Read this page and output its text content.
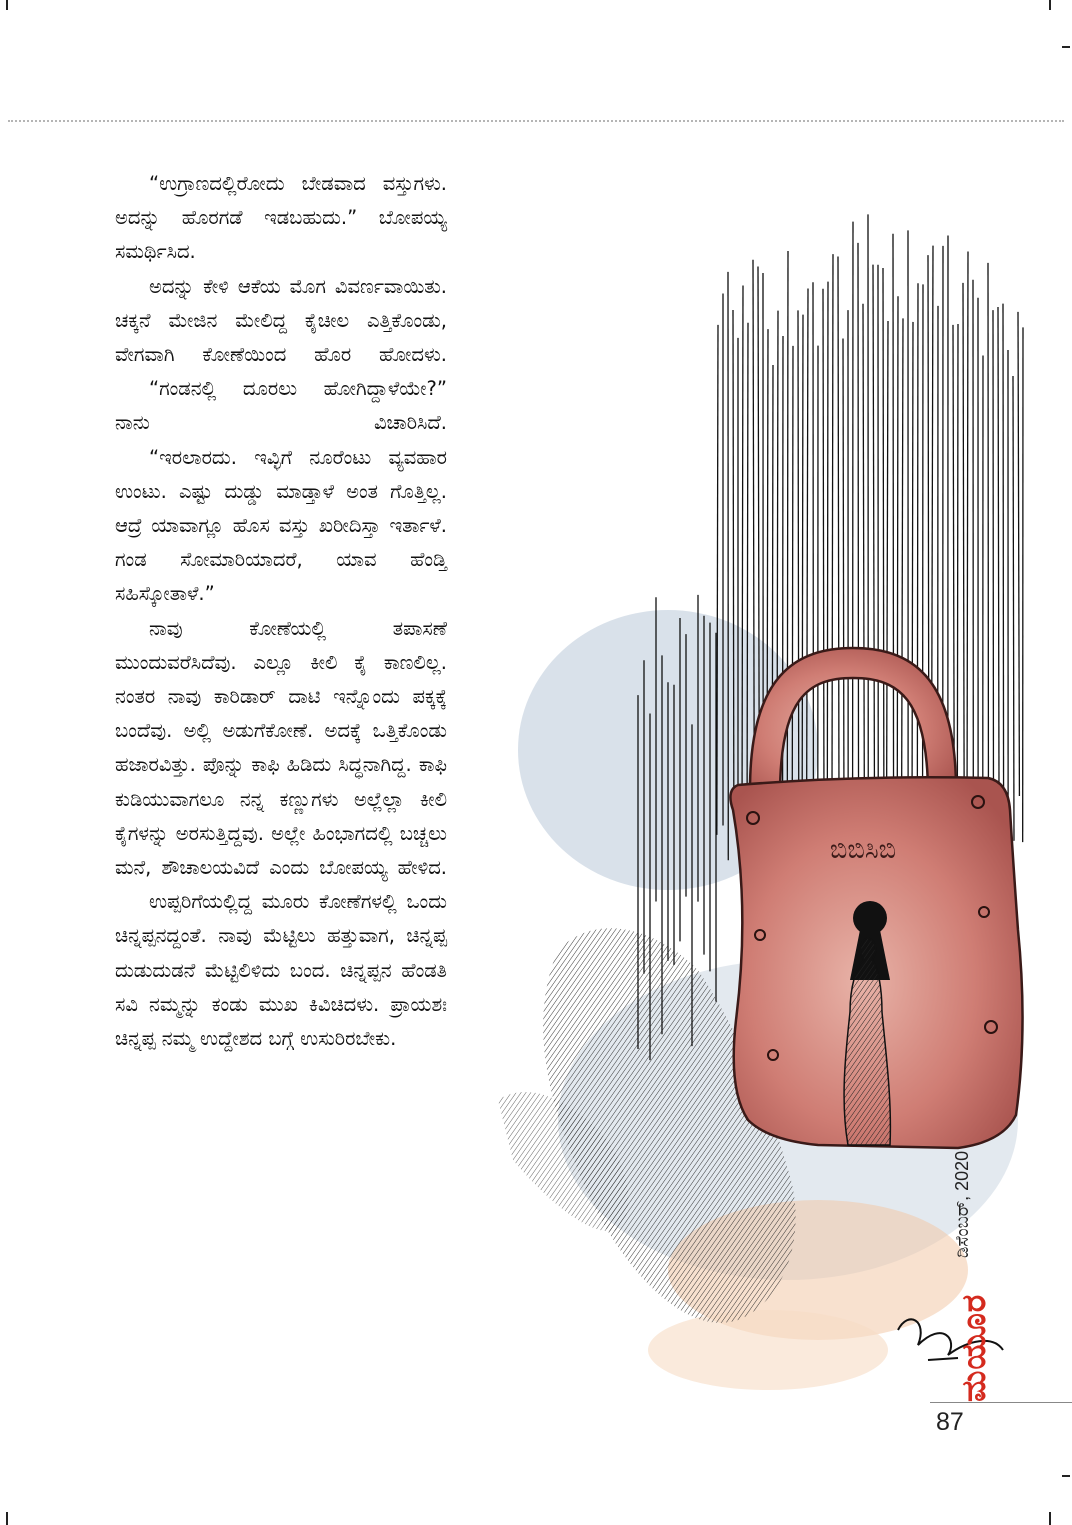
“ಉಗ್ರಾಣದಲ್ಲಿರೋದು ಬೇಡವಾದ ವಸ್ತುಗಳು. ಅದನ್ನು ಹೊರಗಡೆ ಇಡಬಹುದು.” ಬೋಪಯ್ಯ ಸಮರ್ಥಿಸಿದ.

ಅದನ್ನು ಕೇಳಿ ಆಕೆಯ ಮೊಗ ವಿವರ್ಣವಾಯಿತು. ಚಕ್ಕನೆ ಮೇಜಿನ ಮೇಲಿದ್ದ ಕೈಚೀಲ ಎತ್ತಿಕೊಂಡು, ವೇಗವಾಗಿ ಕೋಣೆಯಿಂದ ಹೊರ ಹೋದಳು.

“ಗಂಡನಲ್ಲಿ ದೂರಲು ಹೋಗಿದ್ದಾಳೆಯೇ?” ನಾನು ವಿಚಾರಿಸಿದೆ.

“ಇರಲಾರದು. ಇವ್ಳಿಗೆ ನೂರೆಂಟು ವ್ಯವಹಾರ ಉಂಟು. ಎಷ್ಟು ದುಡ್ಡು ಮಾಡ್ತಾಳೆ ಅಂತ ಗೊತ್ತಿಲ್ಲ. ಆದ್ರೆ ಯಾವಾಗ್ಲೂ ಹೊಸ ವಸ್ತು ಖರೀದಿಸ್ತಾ ಇರ್ತಾಳೆ. ಗಂಡ ಸೋಮಾರಿಯಾದರೆ, ಯಾವ ಹೆಂಡ್ತಿ ಸಹಿಸ್ಕೋತಾಳೆ.”

ನಾವು ಕೋಣೆಯಲ್ಲಿ ತಪಾಸಣೆ ಮುಂದುವರೆಸಿದೆವು. ಎಲ್ಲೂ ಕೀಲಿ ಕೈ ಕಾಣಲಿಲ್ಲ. ನಂತರ ನಾವು ಕಾರಿಡಾರ್ ದಾಟಿ ಇನ್ನೊಂದು ಪಕ್ಕಕ್ಕೆ ಬಂದೆವು. ಅಲ್ಲಿ ಅಡುಗೆಕೋಣೆ. ಅದಕ್ಕೆ ಒತ್ತಿಕೊಂಡು ಹಜಾರವಿತ್ತು. ಪೊನ್ನು ಕಾಫಿ ಹಿಡಿದು ಸಿದ್ಧನಾಗಿದ್ದ. ಕಾಫಿ ಕುಡಿಯುವಾಗಲೂ ನನ್ನ ಕಣ್ಣುಗಳು ಅಲ್ಲೆಲ್ಲಾ ಕೀಲಿ ಕೈಗಳನ್ನು ಅರಸುತ್ತಿದ್ದವು. ಅಲ್ಲೇ ಹಿಂಭಾಗದಲ್ಲಿ ಬಚ್ಚಲು ಮನೆ, ಶೌಚಾಲಯವಿದೆ ಎಂದು ಬೋಪಯ್ಯ ಹೇಳಿದ.

ಉಪ್ಪರಿಗೆಯಲ್ಲಿದ್ದ ಮೂರು ಕೋಣೆಗಳಲ್ಲಿ ಒಂದು ಚಿನ್ನಪ್ಪನದ್ದಂತೆ. ನಾವು ಮೆಟ್ಟಿಲು ಹತ್ತುವಾಗ, ಚಿನ್ನಪ್ಪ ದುಡುದುಡನೆ ಮೆಟ್ಟಿಲಿಳಿದು ಬಂದ. ಚಿನ್ನಪ್ಪನ ಹೆಂಡತಿ ಸವಿ ನಮ್ಮನ್ನು ಕಂಡು ಮುಖ ಕಿವಿಚಿದಳು. ಪ್ರಾಯಶಃ ಚಿನ್ನಪ್ಪ ನಮ್ಮ ಉದ್ದೇಶದ ಬಗ್ಗೆ ಉಸುರಿರಬೇಕು.

ಬಿಬಿಸಿಬಿ
ಡಿಸೆಂಬರ್, 2020
ಮಯೂರ
87
